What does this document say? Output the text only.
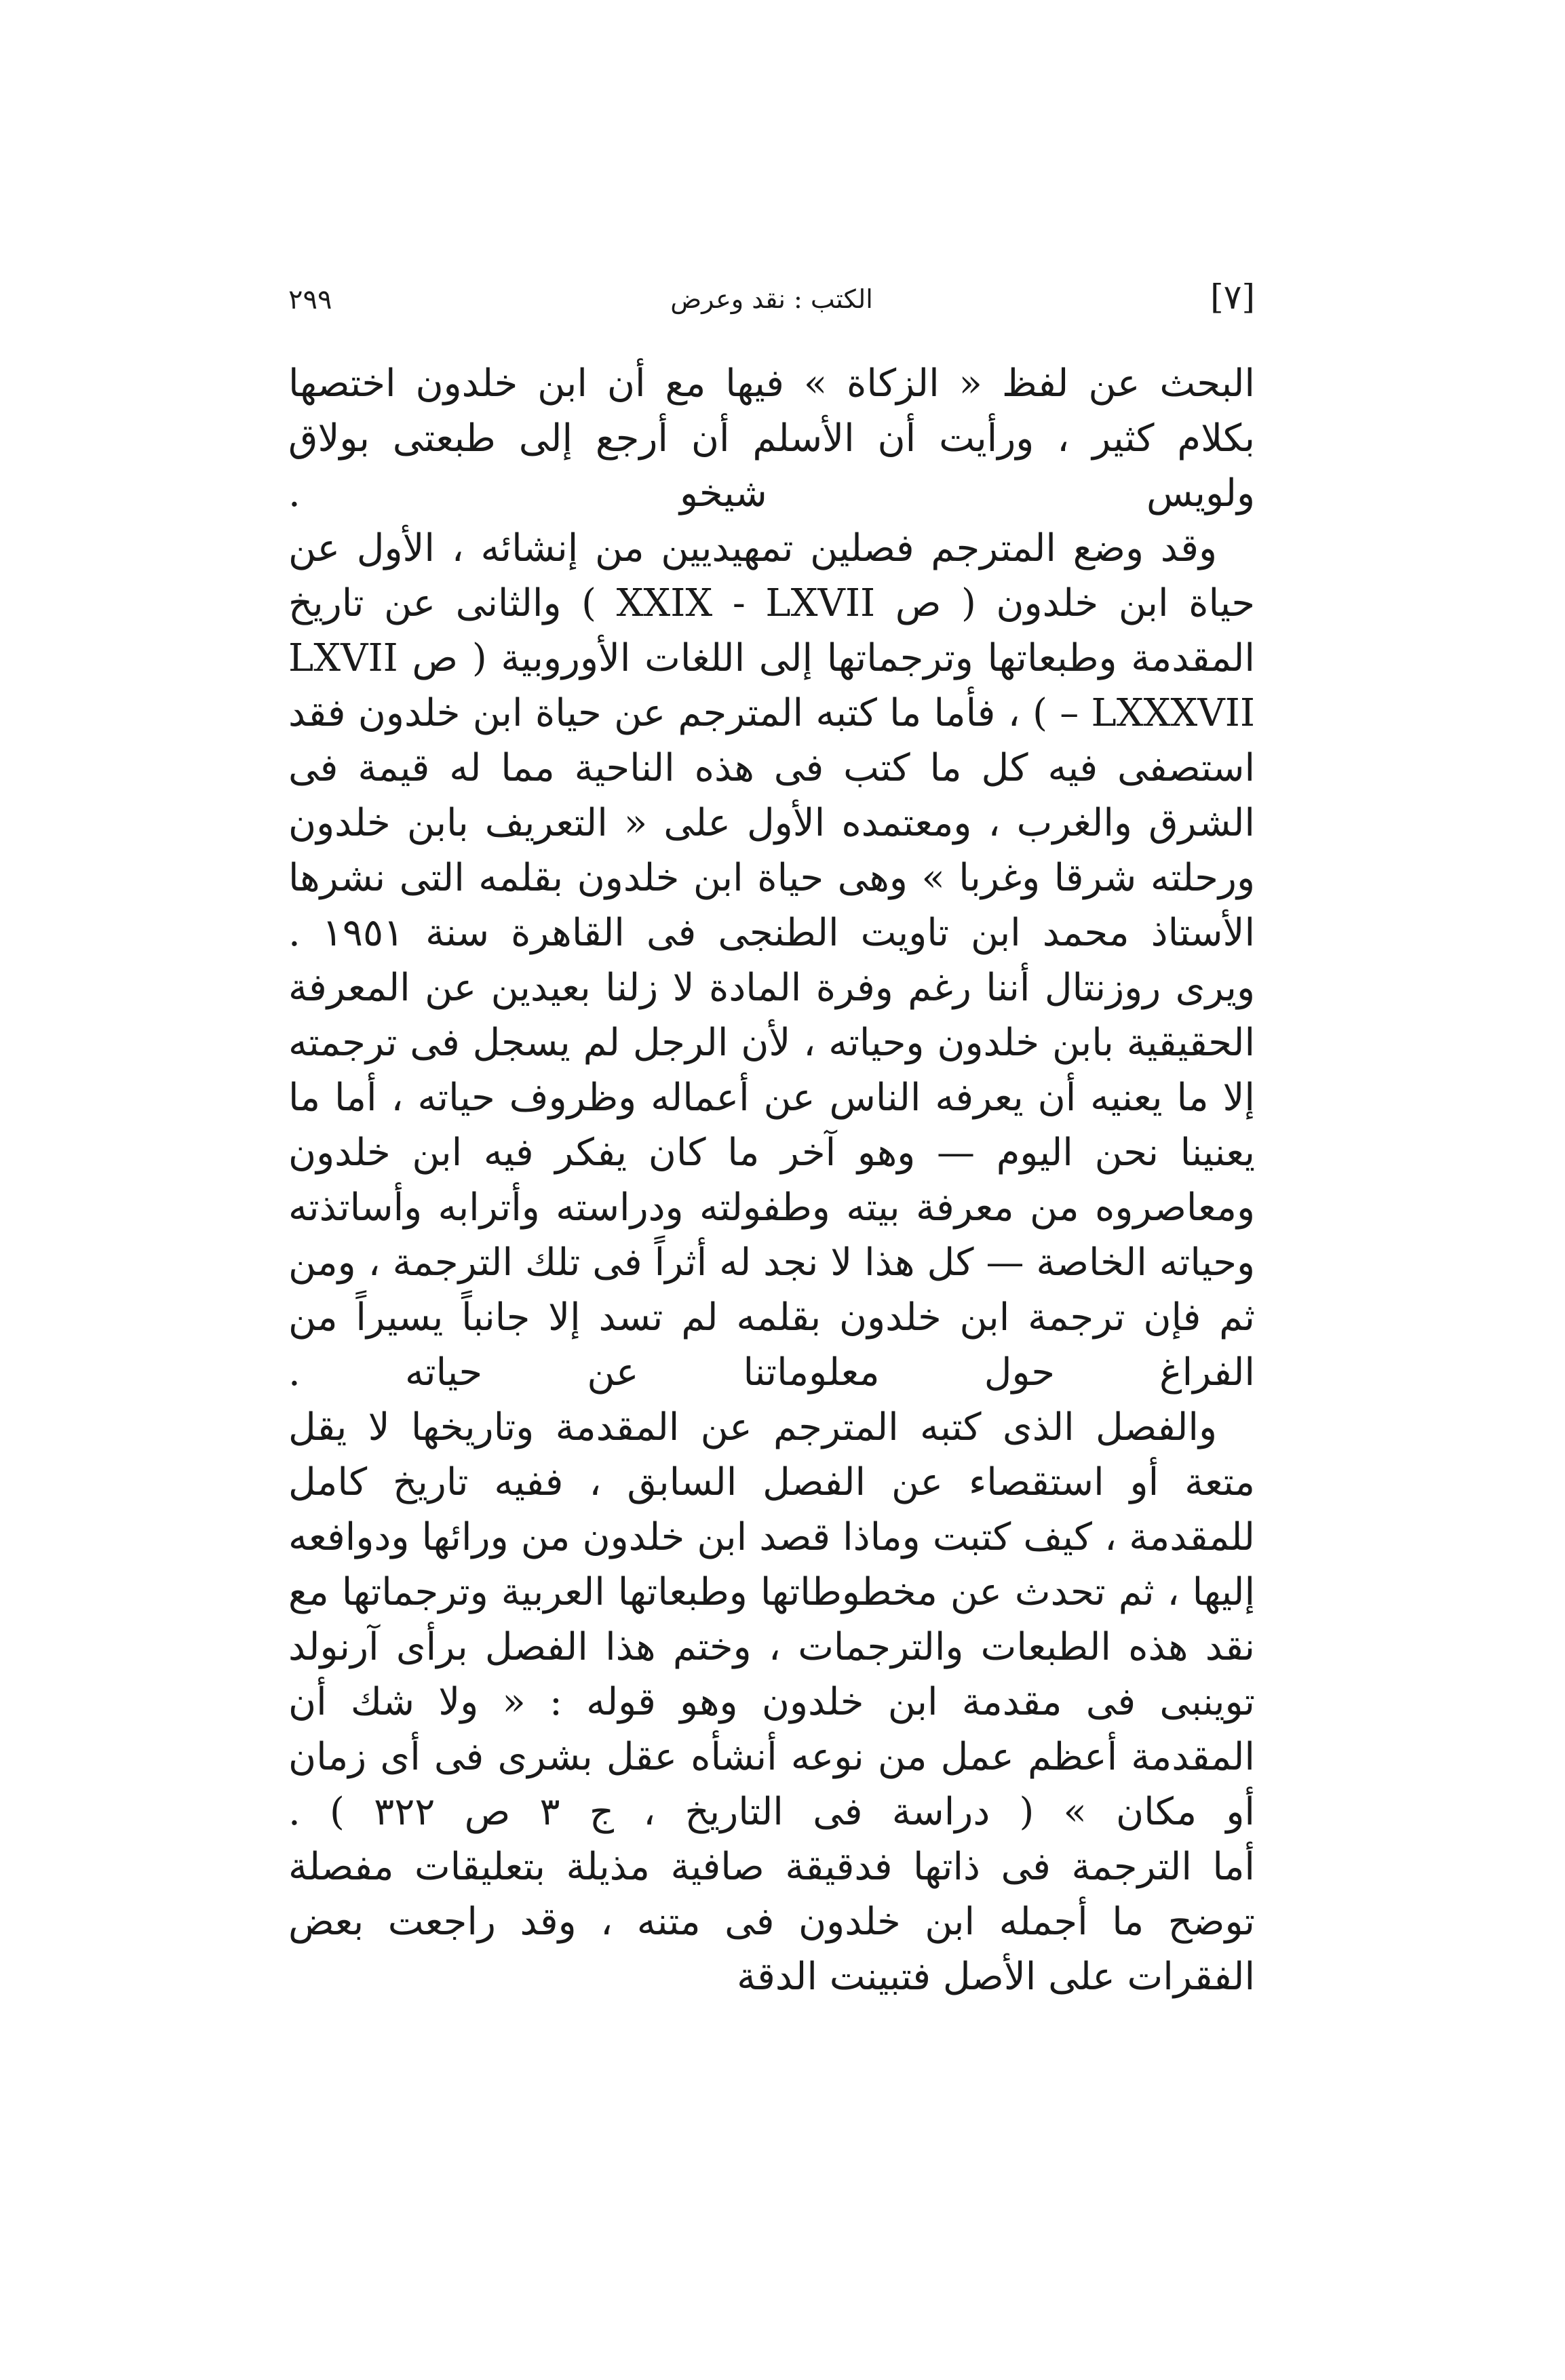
٢٩٩	الكتب : نقد وعرض	[٧]

البحث عن لفظ « الزكاة » فيها مع أن ابن خلدون اختصها بكلام كثير ، ورأيت أن الأسلم أن أرجع إلى طبعتى بولاق ولويس شيخو .

وقد وضع المترجم فصلين تمهيديين من إنشائه ، الأول عن حياة ابن خلدون ( ص XXIX - LXVII ) والثانى عن تاريخ المقدمة وطبعاتها وترجماتها إلى اللغات الأوروبية ( ص LXVII – LXXXVII ) ، فأما ما كتبه المترجم عن حياة ابن خلدون فقد استصفى فيه كل ما كتب فى هذه الناحية مما له قيمة فى الشرق والغرب ، ومعتمده الأول على « التعريف بابن خلدون ورحلته شرقا وغربا » وهى حياة ابن خلدون بقلمه التى نشرها الأستاذ محمد ابن تاويت الطنجى فى القاهرة سنة ١٩٥١ . ويرى روزنتال أننا رغم وفرة المادة لا زلنا بعيدين عن المعرفة الحقيقية بابن خلدون وحياته ، لأن الرجل لم يسجل فى ترجمته إلا ما يعنيه أن يعرفه الناس عن أعماله وظروف حياته ، أما ما يعنينا نحن اليوم — وهو آخر ما كان يفكر فيه ابن خلدون ومعاصروه من معرفة بيته وطفولته ودراسته وأترابه وأساتذته وحياته الخاصة — كل هذا لا نجد له أثراً فى تلك الترجمة ، ومن ثم فإن ترجمة ابن خلدون بقلمه لم تسد إلا جانباً يسيراً من الفراغ حول معلوماتنا عن حياته .

والفصل الذى كتبه المترجم عن المقدمة وتاريخها لا يقل متعة أو استقصاء عن الفصل السابق ، ففيه تاريخ كامل للمقدمة ، كيف كتبت وماذا قصد ابن خلدون من ورائها ودوافعه إليها ، ثم تحدث عن مخطوطاتها وطبعاتها العربية وترجماتها مع نقد هذه الطبعات والترجمات ، وختم هذا الفصل برأى آرنولد توينبى فى مقدمة ابن خلدون وهو قوله : « ولا شك أن المقدمة أعظم عمل من نوعه أنشأه عقل بشرى فى أى زمان أو مكان » ( دراسة فى التاريخ ، ج ٣ ص ٣٢٢ ) .

أما الترجمة فى ذاتها فدقيقة صافية مذيلة بتعليقات مفصلة توضح ما أجمله ابن خلدون فى متنه ، وقد راجعت بعض الفقرات على الأصل فتبينت الدقة
